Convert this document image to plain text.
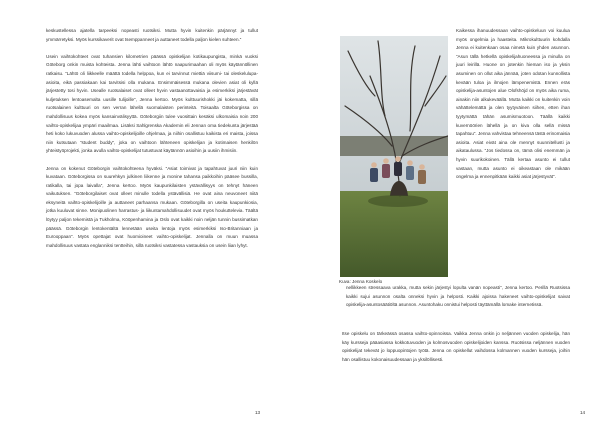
keskustellessa ajatella tarpeeksi nopeasti ruotsiksi. Mutta hyvin kuitenkin pärjännyt ja tullut ymmärretyksi. Myös kurssikaverit ovat tsemppanneet ja auttaneet todella paljon kielen suhteen.”

Usein vaihtokohteet ovat tuhansien kilometrien päässä opiskelijan kotikaupungista, minkä vuoksi Göteborg onkin muista kohteista. Jenna lähti vaihtoon lähtö naapurimaahan oli myös käytännöllinen ratkaisu. “Lähtö oli liikkeelle määttä todella helppoa, kun ei tarvinnut miettiä viisumi- tai oleskelulupa-asioita, eikä passiakaan kai tarvitsisi olla mukana. Ensimmäisessä mukana olevien asiat oli kyllä järjestetty tosi hyvin. Usealle ruotsalaiset ovat olleet hyvin vastaanottavaisia ja esimerkiksi järjestävät kuljetuksen lentoasemalta uusille tulijoille”, Jenna kertoo. Myös kulttuurishokki jäi kokematta, sillä ruotsalainen kulttuuri on sen verran lähellä suomalaisten perinteitä. Toisaalta Göteborgissa on mahdollisuus kokea myös kansainvälisyyttä. Göteborgiin tulee vuosittain kesäksi ulkomaisia noin 200 vaihto-opiskelijaa ympäri maailmaa. Lisäksi Sahlgrenska Akademin eli Jennan oma tiedekunta järjestää heti koko lukuvuoden alussa vaihto-opiskelijoille ohjelmaa, ja niihin osallistuu kaikista eri maista, joissa niin kutsutaan ”student buddy”, joka on vaihtoon lähteneen opiskelijan ja kotimaisen henkilön yhteistyöprojekti, jonka avulla vaihto-opiskelijat tutustuvat käytännön asioihin ja uusiin ihmisiin.

Jenna on kokenut Göteborgin vaihtokohteena hyväksi. “Asiat toimivat ja tapahtuvat juuri niin kuin kuvataan. Göteborgissa on suurehkyn julkinen liikenne ja monine tahansa paikkoihin pääsee bussilla, ratikalla, tai jopa laivalla”, Jenna kertoo. Myös kaupunkilaisten ystävällisyys on tehnyt häneen vaikutuksen. “Göteborgilaiset ovat olleet minulle todella ystävällisiä. He ovat aina neuvoneet niitä eksyneitä vaihto-opiskelijoille ja auttaneet parhaansa mukaan. Göteborgilla on useita kaupunkiosia, jotka kuuluvat sinne. Monipuolinen harrastus- ja liikuntamahdollisuudet ovat myös houkuttelevia. Täältä löytyy paljon tekemistä ja Tukholma, Kööpenhamina ja Oslo ovat kaikki noin neljän tunnin bussimatkan päässä. Göteborgin lentokentältä lennetään useita lentoja myös esimerkiksi Iso-Britanniaan ja Eurooppaan”. Myös opettajat ovat huomioineet vaihto-opiskelijat. Jennalla on muun muassa mahdollisuus vastata englanniksi tentteihin, sillä ruotsiksi vastatessa vastauksia on usein liian lyhyt.

13
Kuva: Jenna Koskelo

Kaikessa ihanuudessaan vaihto-opiskeluun voi kuulua myös ongelmia ja haasteita. Mikrokulttuurin kohdalla Jenna ei kuitenkaan osaa nimetä kuin yhden asunnon. “Asun tällä hetkellä opiskelijahuoneessa ja minulla on juuri leirillä. Huone on jotenkin hieman iso ja yksin asuminen on ollut aika jännää, joten odotan kunnollista kevään tuloa ja ilmojen lämpenemistä. Ennen eräs opiskelija-asuntojen alue Olofshöjd on myös aika ruma, ainakin niin alkukeväällä. Mutta kaikki on kuitenkin voin vähättelemättä ja olen tyytyväinen siihen, etten ihan tyytymättä tähän asumismuotoon. Täällä kaikki kuvernöörien lähellä ja on kiva olla sellä missä tapahtuu”. Jenna vahvistaa tehneensä tästä erinomaisia asioita. Asiat eivät aina ole mennyt suunnitellusti ja aikataulussa. “Jos tiedossa on, tämä olisi enemmän ja hyvin suurikokoinen. Tällä kertaa asunto ei tullut vastaan, mutta asunto ei oikeastaan ole mikään ongelma ja ennenpitkään kaikki asiat järjestyvät”.

nellikkeen stressaava urakka, mutta sekin järjestyi lopulta vanän nopeasti”, Jenna kertoo. Perillä Ruotsissa kaikki sujui asunnon osalta onneksi hyvin ja helposti. Kaikki ajoissa hakeneet vaihto-opiskelijat saivat opiskelija-asuntosäätiöltä asunnon. Asuntohaku onnistui helposti täyttämällä lomake internetissä.
Itse opiskelu on tärkeässä osassa vaihto-opinnoissa. Vaikka Jenna onkin jo neljännen vuoden opiskelija, hän käy kursseja pääasiassa kokkotuvuoden ja kolmosvuoden opiskelijoiden kanssa. Ruotsissa neljännen vuoden opiskelijat tekevät jo loppuopintojen työtä. Jenna on opiskellut vaihdossa kolmannen vuoden kursseja, joihin hän osallistuu kokonaisuudessaan ja yksilöllisesti.
14
